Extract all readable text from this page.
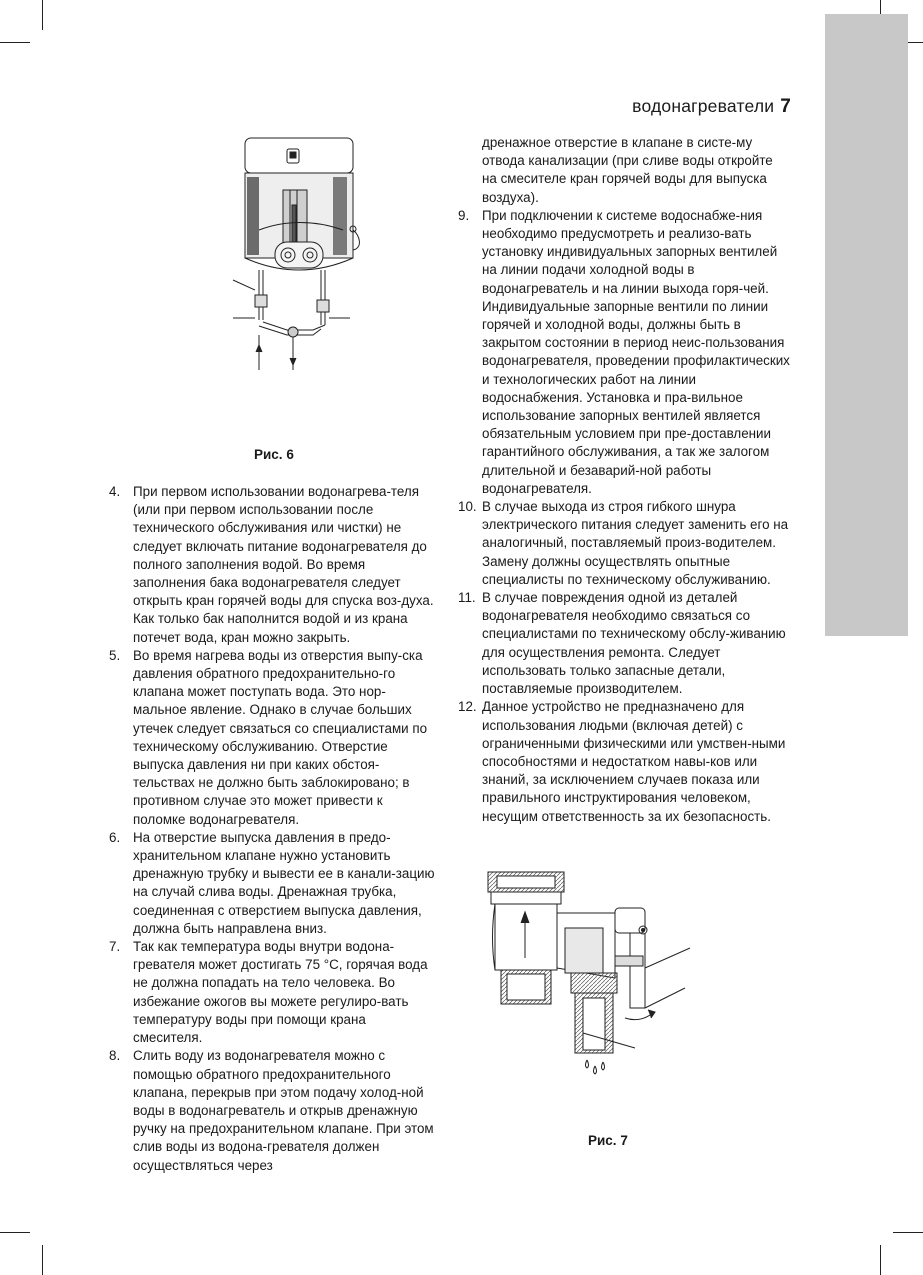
водонагреватели 7
Рис. 6
4. При первом использовании водонагрева-теля (или при первом использовании после технического обслуживания или чистки) не следует включать питание водонагревателя до полного заполнения водой. Во время заполнения бака водонагревателя следует открыть кран горячей воды для спуска воз-духа. Как только бак наполнится водой и из крана потечет вода, кран можно закрыть.

5. Во время нагрева воды из отверстия выпу-ска давления обратного предохранительно-го клапана может поступать вода. Это нор-мальное явление. Однако в случае больших утечек следует связаться со специалистами по техническому обслуживанию. Отверстие выпуска давления ни при каких обстоя-тельствах не должно быть заблокировано; в противном случае это может привести к поломке водонагревателя.

6. На отверстие выпуска давления в предо-хранительном клапане нужно установить дренажную трубку и вывести ее в канали-зацию на случай слива воды. Дренажная трубка, соединенная с отверстием выпуска давления, должна быть направлена вниз.

7. Так как температура воды внутри водона-гревателя может достигать 75 °С, горячая вода не должна попадать на тело человека. Во избежание ожогов вы можете регулиро-вать температуру воды при помощи крана смесителя.

8. Слить воду из водонагревателя можно с помощью обратного предохранительного клапана, перекрыв при этом подачу холод-ной воды в водонагреватель и открыв дренажную ручку на предохранительном клапане. При этом слив воды из водона-гревателя должен осуществляться через

дренажное отверстие в клапане в систе-му отвода канализации (при сливе воды откройте на смесителе кран горячей воды для выпуска воздуха).

9. При подключении к системе водоснабже-ния необходимо предусмотреть и реализо-вать установку индивидуальных запорных вентилей на линии подачи холодной воды в водонагреватель и на линии выхода горя-чей. Индивидуальные запорные вентили по линии горячей и холодной воды, должны быть в закрытом состоянии в период неис-пользования водонагревателя, проведении профилактических и технологических работ на линии водоснабжения. Установка и пра-вильное использование запорных вентилей является обязательным условием при пре-доставлении гарантийного обслуживания, а так же залогом длительной и безаварий-ной работы водонагревателя.

10. В случае выхода из строя гибкого шнура электрического питания следует заменить его на аналогичный, поставляемый произ-водителем. Замену должны осуществлять опытные специалисты по техническому обслуживанию.

11. В случае повреждения одной из деталей водонагревателя необходимо связаться со специалистами по техническому обслу-живанию для осуществления ремонта. Следует использовать только запасные детали, поставляемые производителем.

12. Данное устройство не предназначено для использования людьми (включая детей) с ограниченными физическими или умствен-ными способностями и недостатком навы-ков или знаний, за исключением случаев показа или правильного инструктирования человеком, несущим ответственность за их безопасность.

Рис. 7
